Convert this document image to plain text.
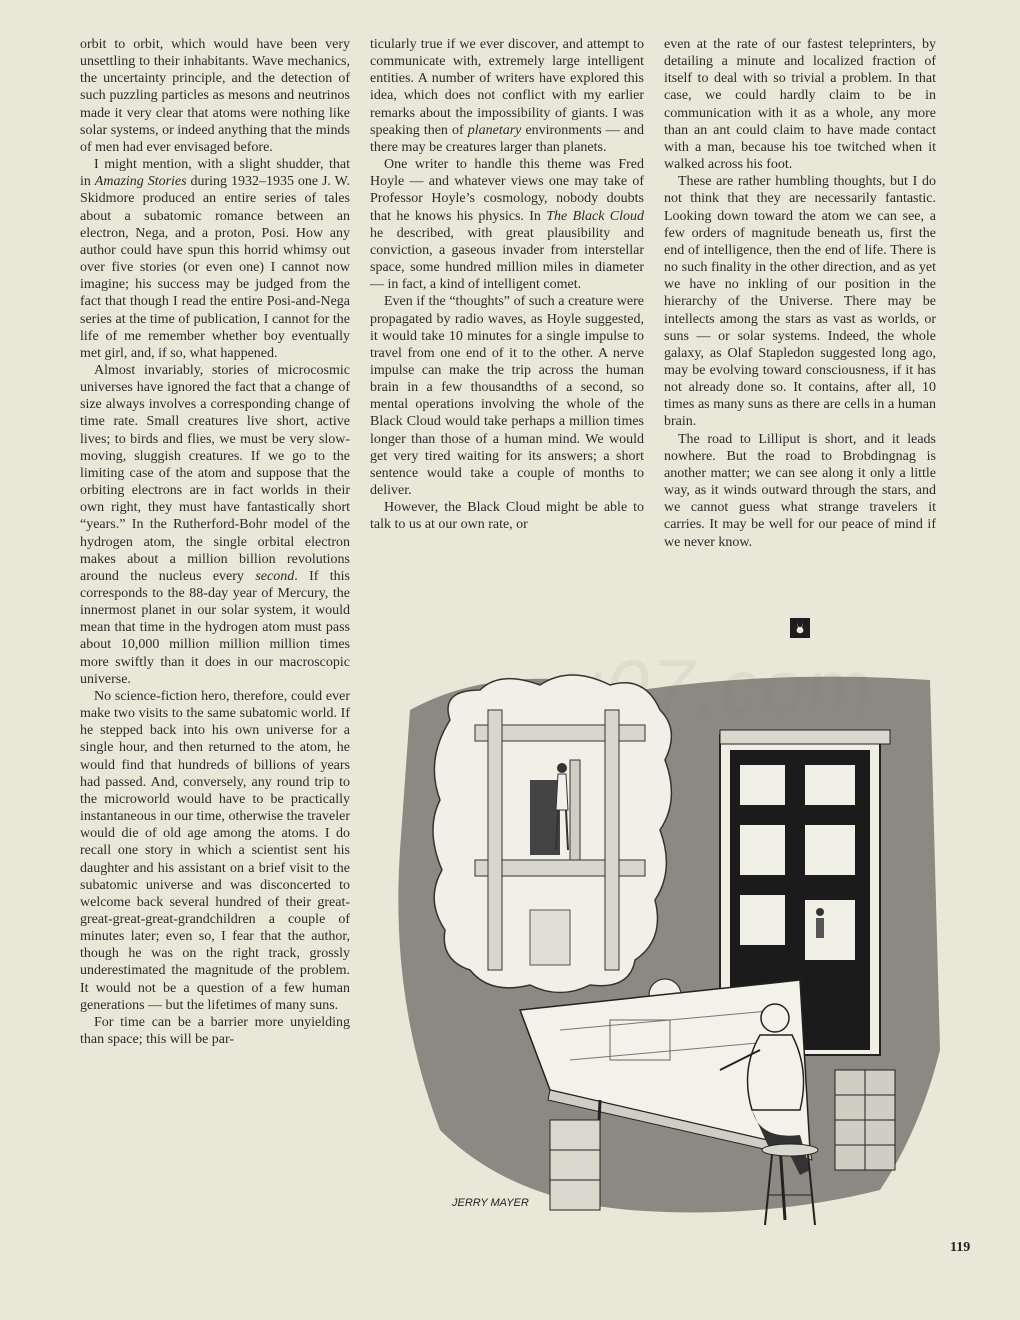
orbit to orbit, which would have been very unsettling to their inhabitants. Wave mechanics, the uncertainty principle, and the detection of such puzzling particles as mesons and neutrinos made it very clear that atoms were nothing like solar systems, or indeed anything that the minds of men had ever envisaged before.

I might mention, with a slight shudder, that in Amazing Stories during 1932–1935 one J. W. Skidmore produced an entire series of tales about a subatomic romance between an electron, Nega, and a proton, Posi. How any author could have spun this horrid whimsy out over five stories (or even one) I cannot now imagine; his success may be judged from the fact that though I read the entire Posi-and-Nega series at the time of publication, I cannot for the life of me remember whether boy eventually met girl, and, if so, what happened.

Almost invariably, stories of microcosmic universes have ignored the fact that a change of size always involves a corresponding change of time rate. Small creatures live short, active lives; to birds and flies, we must be very slow-moving, sluggish creatures. If we go to the limiting case of the atom and suppose that the orbiting electrons are in fact worlds in their own right, they must have fantastically short “years.” In the Rutherford-Bohr model of the hydrogen atom, the single orbital electron makes about a million billion revolutions around the nucleus every second. If this corresponds to the 88-day year of Mercury, the innermost planet in our solar system, it would mean that time in the hydrogen atom must pass about 10,000 million million million times more swiftly than it does in our macroscopic universe.

No science-fiction hero, therefore, could ever make two visits to the same subatomic world. If he stepped back into his own universe for a single hour, and then returned to the atom, he would find that hundreds of billions of years had passed. And, conversely, any round trip to the microworld would have to be practically instantaneous in our time, otherwise the traveler would die of old age among the atoms. I do recall one story in which a scientist sent his daughter and his assistant on a brief visit to the subatomic universe and was disconcerted to welcome back several hundred of their great-great-great-great-grandchildren a couple of minutes later; even so, I fear that the author, though he was on the right track, grossly underestimated the magnitude of the problem. It would not be a question of a few human generations — but the lifetimes of many suns.

For time can be a barrier more unyielding than space; this will be par-

ticularly true if we ever discover, and attempt to communicate with, extremely large intelligent entities. A number of writers have explored this idea, which does not conflict with my earlier remarks about the impossibility of giants. I was speaking then of planetary environments — and there may be creatures larger than planets.

One writer to handle this theme was Fred Hoyle — and whatever views one may take of Professor Hoyle’s cosmology, nobody doubts that he knows his physics. In The Black Cloud he described, with great plausibility and conviction, a gaseous invader from interstellar space, some hundred million miles in diameter — in fact, a kind of intelligent comet.

Even if the “thoughts” of such a creature were propagated by radio waves, as Hoyle suggested, it would take 10 minutes for a single impulse to travel from one end of it to the other. A nerve impulse can make the trip across the human brain in a few thousandths of a second, so mental operations involving the whole of the Black Cloud would take perhaps a million times longer than those of a human mind. We would get very tired waiting for its answers; a short sentence would take a couple of months to deliver.

However, the Black Cloud might be able to talk to us at our own rate, or

even at the rate of our fastest teleprinters, by detailing a minute and localized fraction of itself to deal with so trivial a problem. In that case, we could hardly claim to be in communication with it as a whole, any more than an ant could claim to have made contact with a man, because his toe twitched when it walked across his foot.

These are rather humbling thoughts, but I do not think that they are necessarily fantastic. Looking down toward the atom we can see, a few orders of magnitude beneath us, first the end of intelligence, then the end of life. There is no such finality in the other direction, and as yet we have no inkling of our position in the hierarchy of the Universe. There may be intellects among the stars as vast as worlds, or suns — or solar systems. Indeed, the whole galaxy, as Olaf Stapledon suggested long ago, may be evolving toward consciousness, if it has not already done so. It contains, after all, 10 times as many suns as there are cells in a human brain.

The road to Lilliput is short, and it leads nowhere. But the road to Brobdingnag is another matter; we can see along it only a little way, as it winds outward through the stars, and we cannot guess what strange travelers it carries. It may be well for our peace of mind if we never know.

JERRY MAYER
119
